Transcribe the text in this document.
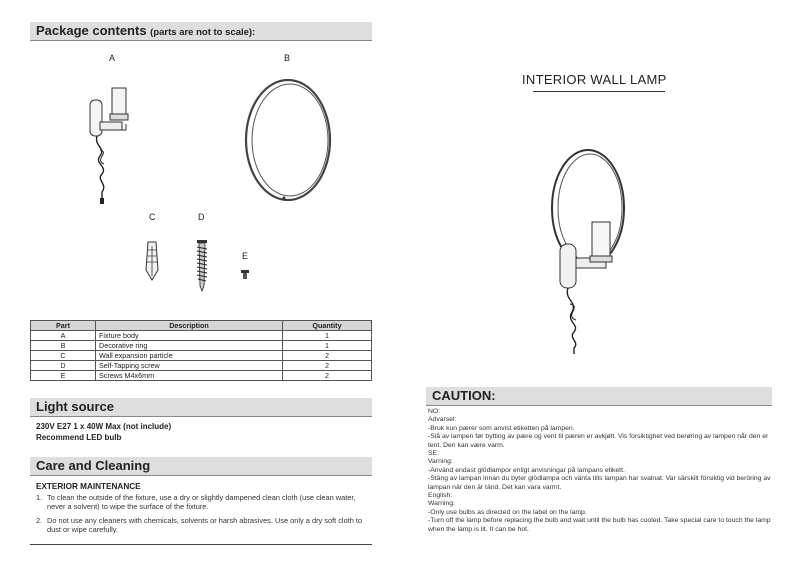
Package contents (parts are not to scale):
A	B
C	D
E
Part	Description	Quantity
A	Fixture body	1
B	Decorative ring	1
C	Wall expansion particle	2
D	Self-Tapping screw	2
E	Screws M4x6mm	2
Light source
230V E27 1 x 40W Max (not include)
Recommend LED bulb
Care and Cleaning
EXTERIOR MAINTENANCE
1. To clean the outside of the fixture, use a dry or slightly dampened clean cloth (use clean water, never a solvent) to wipe the surface of the fixture.
2. Do not use any cleaners with chemicals, solvents or harsh abrasives. Use only a dry soft cloth to dust or wipe carefully.
INTERIOR WALL LAMP
CAUTION:
NO:
Advarsel:
-Bruk kun pærer som anvist etiketten på lampen.
-Slå av lampen før bytting av pære og vent til pæren er avkjølt. Vis forsiktighet ved berøring av lampen når den er tent. Den kan være varm.
SE:
Varning:
-Använd endast glödlampor enligt anvisningar på lampans etikett.
-Stäng av lampan innan du byter glödlampa och vänta tills lampan har svalnat. Var särskilt försiktig vid beröring av lampan när den är tänd. Det kan vara varmt.
English:
Warning:
-Only use bulbs as directed on the label on the lamp.
-Turn off the lamp before replacing the bulb and wait until the bulb has cooled. Take special care to touch the lamp when the lamp is lit. It can be hot.
